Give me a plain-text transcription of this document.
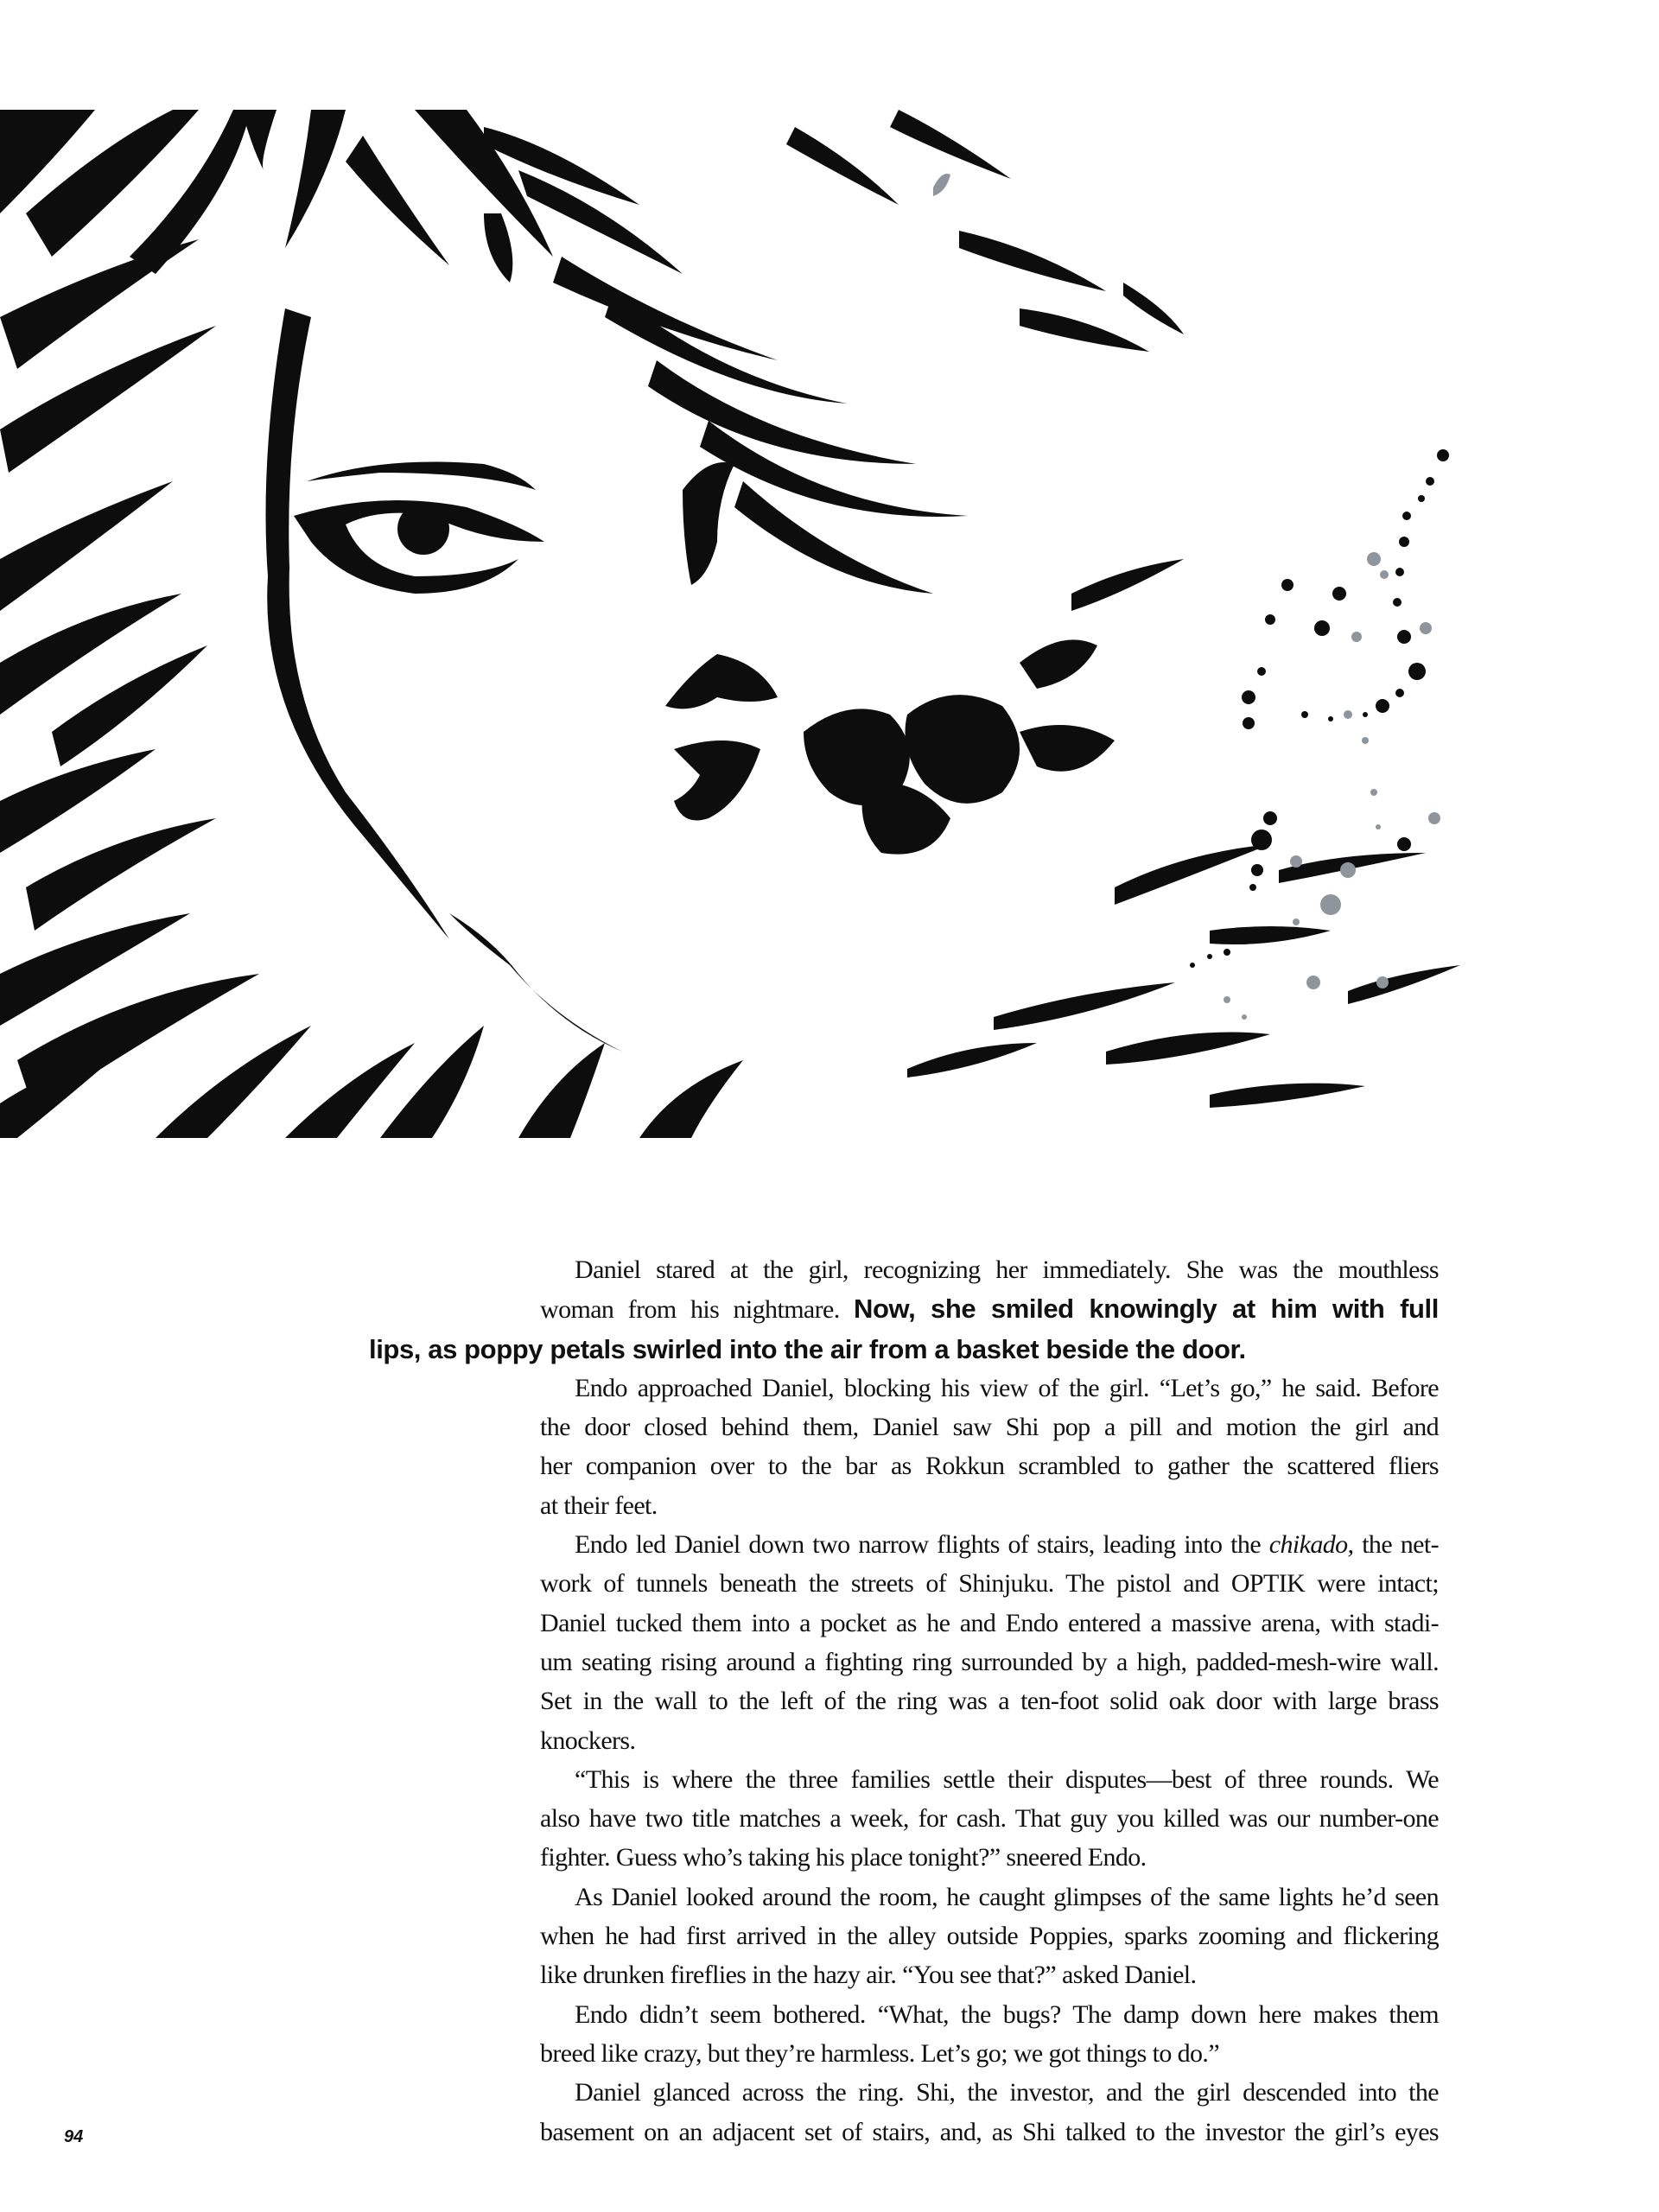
Daniel stared at the girl, recognizing her immediately. She was the mouthless
woman from his nightmare. Now, she smiled knowingly at him with full
lips, as poppy petals swirled into the air from a basket beside the door.

Endo approached Daniel, blocking his view of the girl. “Let’s go,” he said. Before
the door closed behind them, Daniel saw Shi pop a pill and motion the girl and
her companion over to the bar as Rokkun scrambled to gather the scattered fliers
at their feet.

Endo led Daniel down two narrow flights of stairs, leading into the chikado, the net-
work of tunnels beneath the streets of Shinjuku. The pistol and OPTIK were intact;
Daniel tucked them into a pocket as he and Endo entered a massive arena, with stadi-
um seating rising around a fighting ring surrounded by a high, padded-mesh-wire wall.
Set in the wall to the left of the ring was a ten-foot solid oak door with large brass
knockers.

“This is where the three families settle their disputes—best of three rounds. We
also have two title matches a week, for cash. That guy you killed was our number-one
fighter. Guess who’s taking his place tonight?” sneered Endo.

As Daniel looked around the room, he caught glimpses of the same lights he’d seen
when he had first arrived in the alley outside Poppies, sparks zooming and flickering
like drunken fireflies in the hazy air. “You see that?” asked Daniel.

Endo didn’t seem bothered. “What, the bugs? The damp down here makes them
breed like crazy, but they’re harmless. Let’s go; we got things to do.”

Daniel glanced across the ring. Shi, the investor, and the girl descended into the
basement on an adjacent set of stairs, and, as Shi talked to the investor the girl’s eyes

94
